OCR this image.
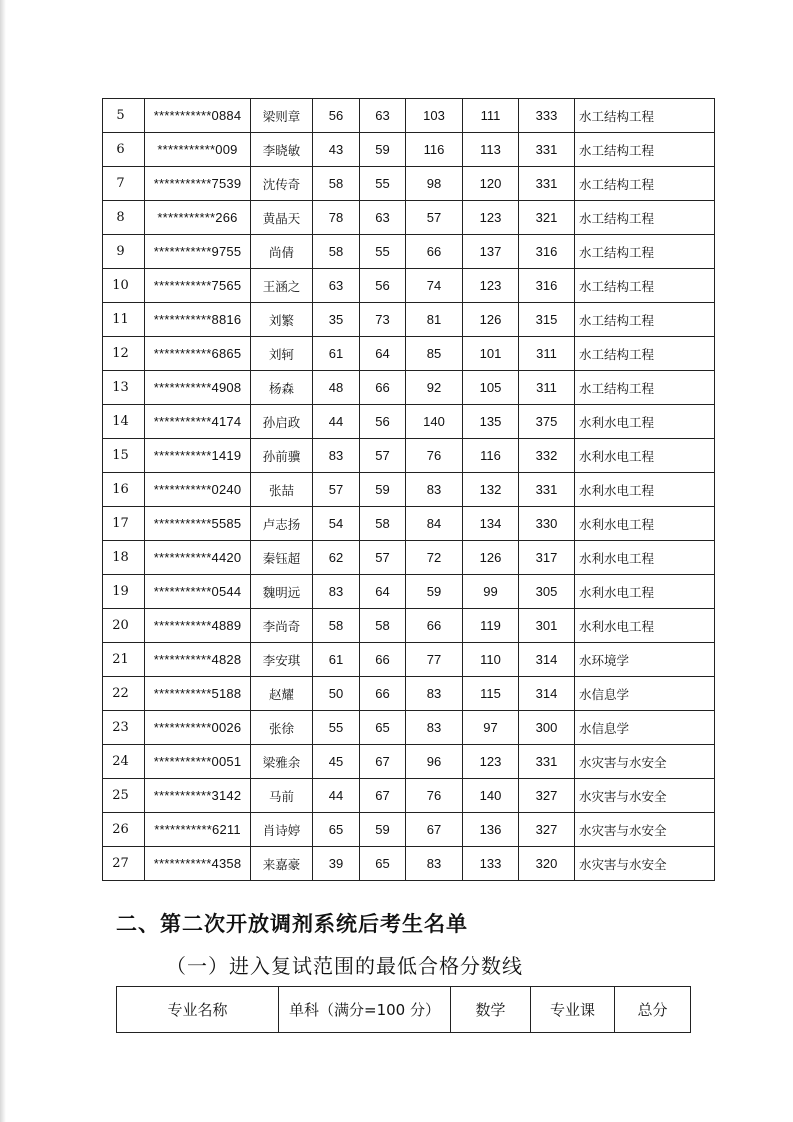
5	***********0884	梁则章	56	63	103	111	333	水工结构工程
6	***********009	李晓敏	43	59	116	113	331	水工结构工程
7	***********7539	沈传奇	58	55	98	120	331	水工结构工程
8	***********266	黄晶天	78	63	57	123	321	水工结构工程
9	***********9755	尚倩	58	55	66	137	316	水工结构工程
10	***********7565	王涵之	63	56	74	123	316	水工结构工程
11	***********8816	刘繁	35	73	81	126	315	水工结构工程
12	***********6865	刘轲	61	64	85	101	311	水工结构工程
13	***********4908	杨森	48	66	92	105	311	水工结构工程
14	***********4174	孙启政	44	56	140	135	375	水利水电工程
15	***********1419	孙前骥	83	57	76	116	332	水利水电工程
16	***********0240	张喆	57	59	83	132	331	水利水电工程
17	***********5585	卢志扬	54	58	84	134	330	水利水电工程
18	***********4420	秦钰超	62	57	72	126	317	水利水电工程
19	***********0544	魏明远	83	64	59	99	305	水利水电工程
20	***********4889	李尚奇	58	58	66	119	301	水利水电工程
21	***********4828	李安琪	61	66	77	110	314	水环境学
22	***********5188	赵耀	50	66	83	115	314	水信息学
23	***********0026	张徐	55	65	83	97	300	水信息学
24	***********0051	梁雅余	45	67	96	123	331	水灾害与水安全
25	***********3142	马前	44	67	76	140	327	水灾害与水安全
26	***********6211	肖诗婷	65	59	67	136	327	水灾害与水安全
27	***********4358	来嘉豪	39	65	83	133	320	水灾害与水安全
二、第二次开放调剂系统后考生名单
（一）进入复试范围的最低合格分数线
专业名称	单科（满分=100 分）	数学	专业课	总分
